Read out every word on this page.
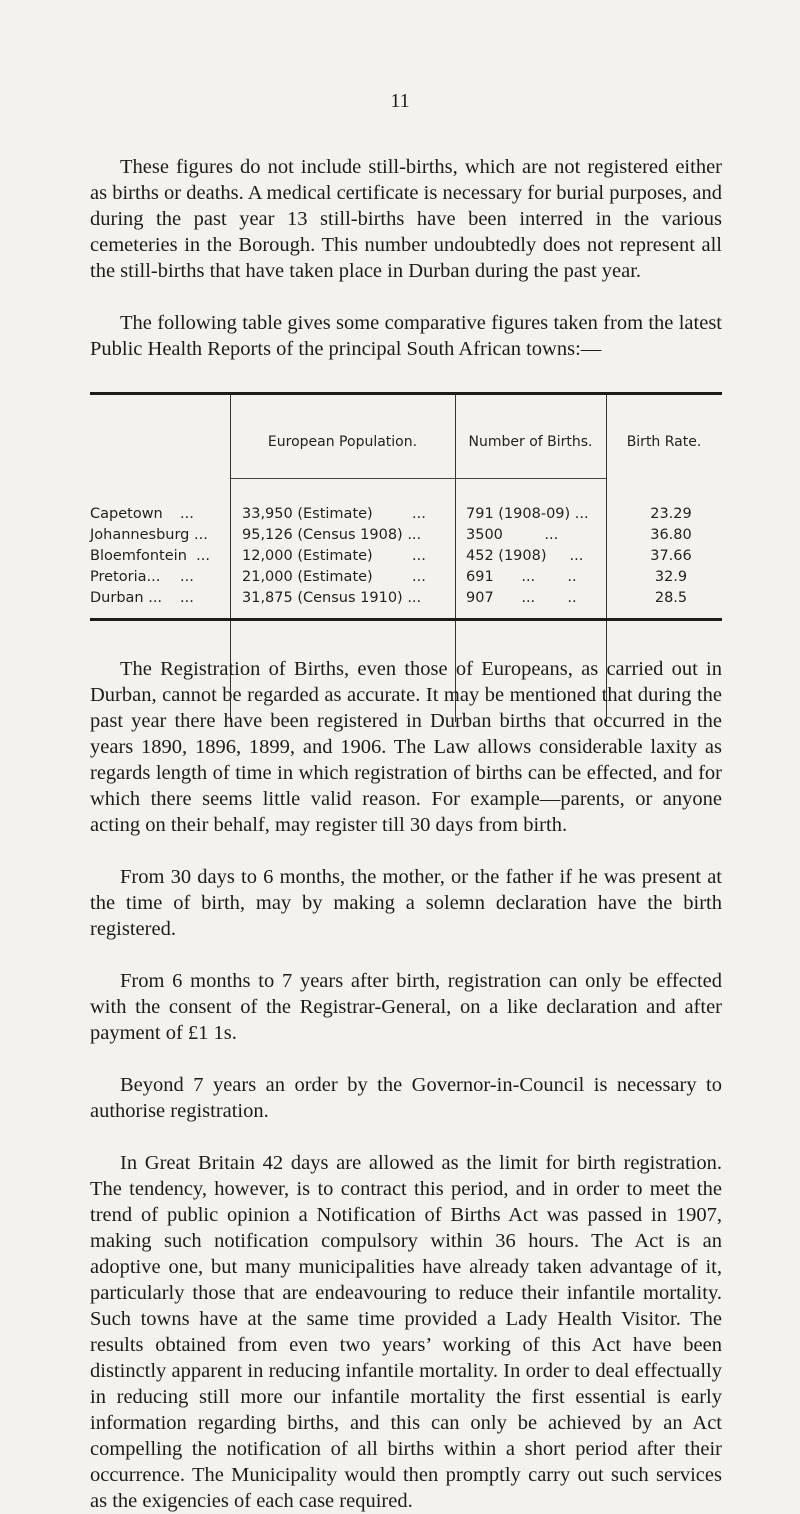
11

These figures do not include still-births, which are not registered either as births or deaths. A medical certificate is necessary for burial purposes, and during the past year 13 still-births have been interred in the various cemeteries in the Borough. This number undoubtedly does not represent all the still-births that have taken place in Durban during the past year.

The following table gives some comparative figures taken from the latest Public Health Reports of the principal South African towns:—

European Population.	Number of Births.	Birth Rate.
Capetown ...	33,950 (Estimate)	...	791 (1908-09) ...	23.29
Johannesburg ... 95,126 (Census 1908) ...	3500         ...	36.80
Bloemfontein  ... 12,000 (Estimate)	...	452 (1908)     ...	37.66
Pretoria... ...	21,000 (Estimate)	...	691      ...       ..	32.9
Durban ... ...	31,875 (Census 1910) ...	907      ...       ..	28.5

The Registration of Births, even those of Europeans, as carried out in Durban, cannot be regarded as accurate. It may be mentioned that during the past year there have been registered in Durban births that occurred in the years 1890, 1896, 1899, and 1906. The Law allows considerable laxity as regards length of time in which registration of births can be effected, and for which there seems little valid reason. For example—parents, or anyone acting on their behalf, may register till 30 days from birth.

From 30 days to 6 months, the mother, or the father if he was present at the time of birth, may by making a solemn declaration have the birth registered.

From 6 months to 7 years after birth, registration can only be effected with the consent of the Registrar-General, on a like declaration and after payment of £1 1s.

Beyond 7 years an order by the Governor-in-Council is necessary to authorise registration.

In Great Britain 42 days are allowed as the limit for birth registration. The tendency, however, is to contract this period, and in order to meet the trend of public opinion a Notification of Births Act was passed in 1907, making such notification compulsory within 36 hours. The Act is an adoptive one, but many municipalities have already taken advantage of it, particularly those that are endeavouring to reduce their infantile mortality. Such towns have at the same time provided a Lady Health Visitor. The results obtained from even two years’ working of this Act have been distinctly apparent in reducing infantile mortality. In order to deal effectually in reducing still more our infantile mortality the first essential is early information regarding births, and this can only be achieved by an Act compelling the notification of all births within a short period after their occurrence. The Municipality would then promptly carry out such services as the exigencies of each case required.
